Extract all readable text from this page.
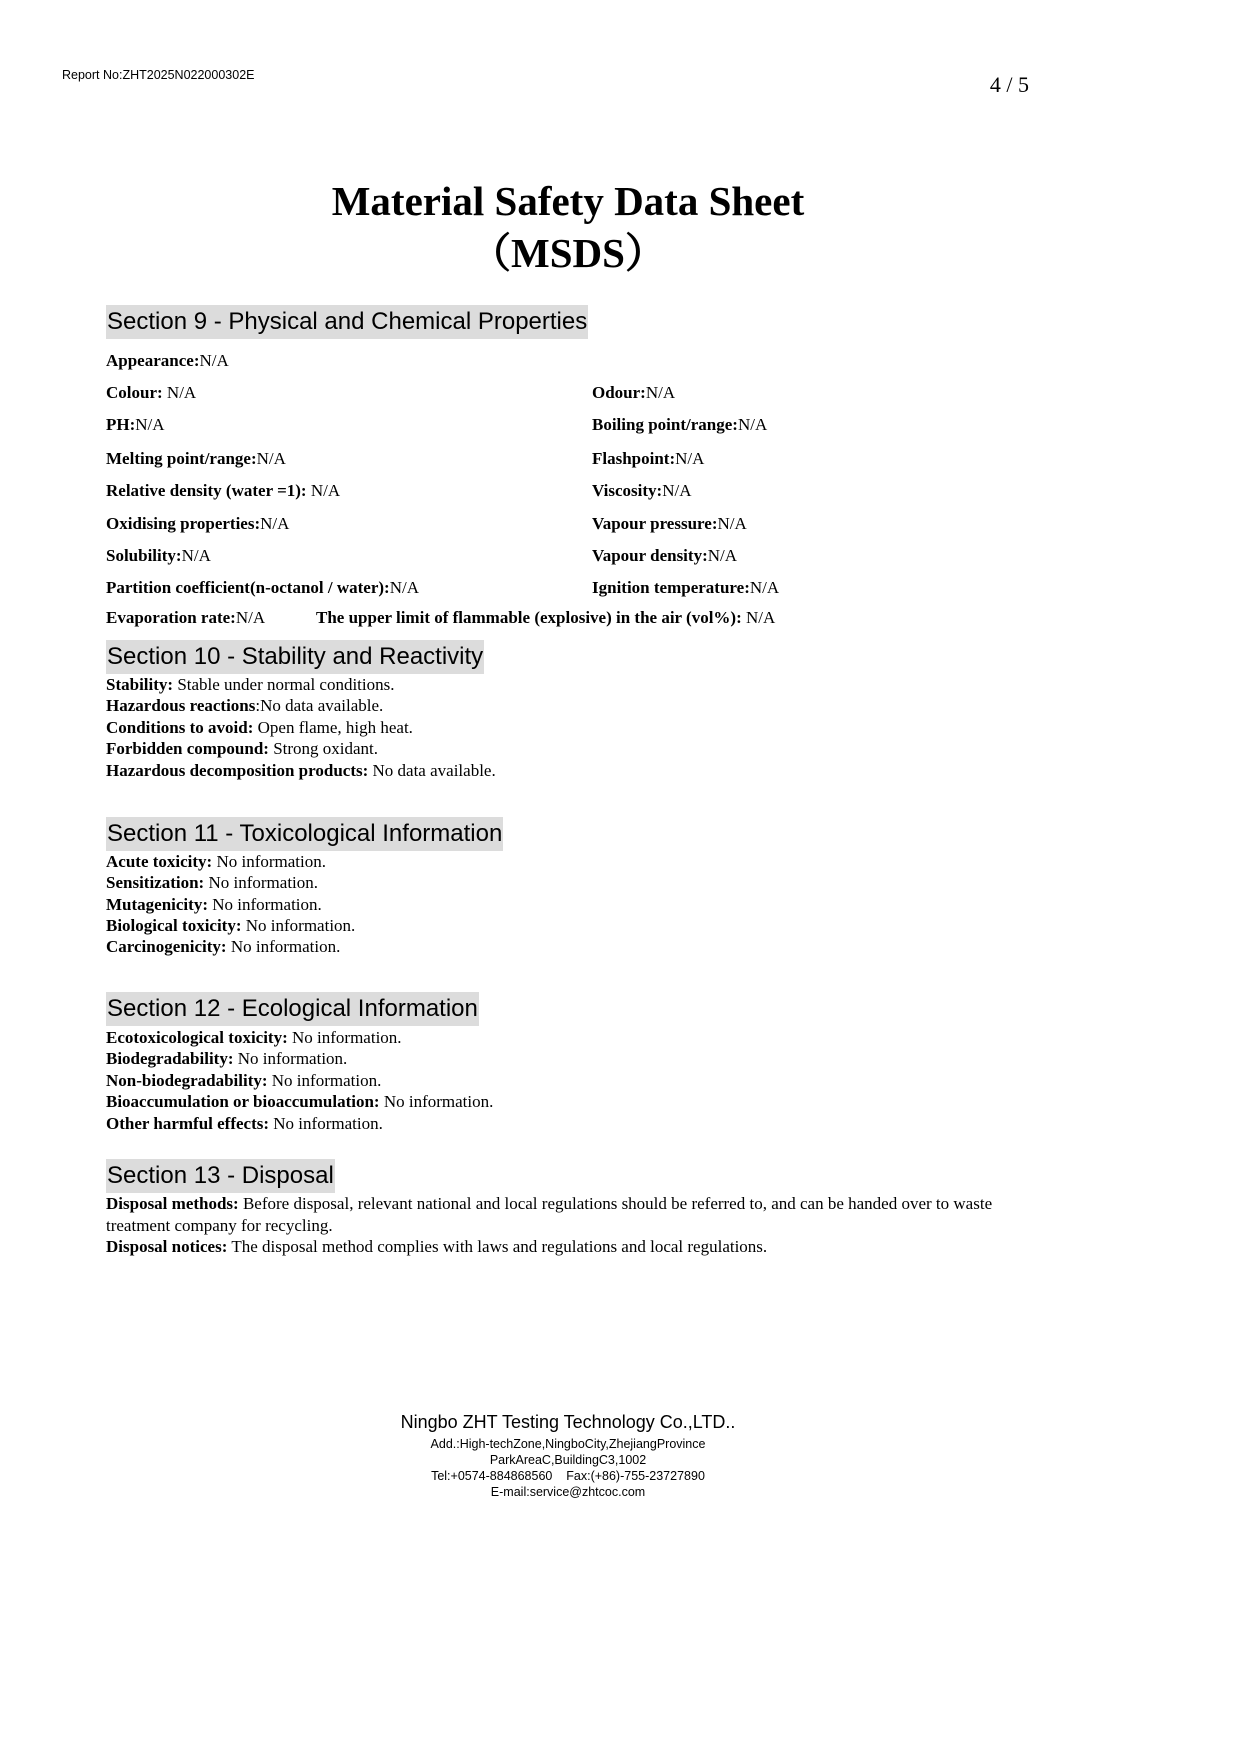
Report No:ZHT2025N022000302E	4 / 5
Material Safety Data Sheet
（MSDS）
Section 9 - Physical and Chemical Properties
Appearance:N/A
Colour: N/A	Odour:N/A
PH:N/A	Boiling point/range:N/A
Melting point/range:N/A	Flashpoint:N/A
Relative density (water =1): N/A	Viscosity:N/A
Oxidising properties:N/A	Vapour pressure:N/A
Solubility:N/A	Vapour density:N/A
Partition coefficient(n-octanol / water):N/A	Ignition temperature:N/A
Evaporation rate:N/A	The upper limit of flammable (explosive) in the air (vol%): N/A
Section 10 - Stability and Reactivity
Stability: Stable under normal conditions.
Hazardous reactions:No data available.
Conditions to avoid: Open flame, high heat.
Forbidden compound: Strong oxidant.
Hazardous decomposition products: No data available.
Section 11 - Toxicological Information
Acute toxicity: No information.
Sensitization: No information.
Mutagenicity: No information.
Biological toxicity: No information.
Carcinogenicity: No information.
Section 12 - Ecological Information
Ecotoxicological toxicity: No information.
Biodegradability: No information.
Non-biodegradability: No information.
Bioaccumulation or bioaccumulation: No information.
Other harmful effects: No information.
Section 13 - Disposal
Disposal methods: Before disposal, relevant national and local regulations should be referred to, and can be handed over to waste treatment company for recycling.
Disposal notices: The disposal method complies with laws and regulations and local regulations.
Ningbo ZHT Testing Technology Co.,LTD..
Add.:High-techZone,NingboCity,ZhejiangProvince
ParkAreaC,BuildingC3,1002
Tel:+0574-884868560    Fax:(+86)-755-23727890
E-mail:service@zhtcoc.com
